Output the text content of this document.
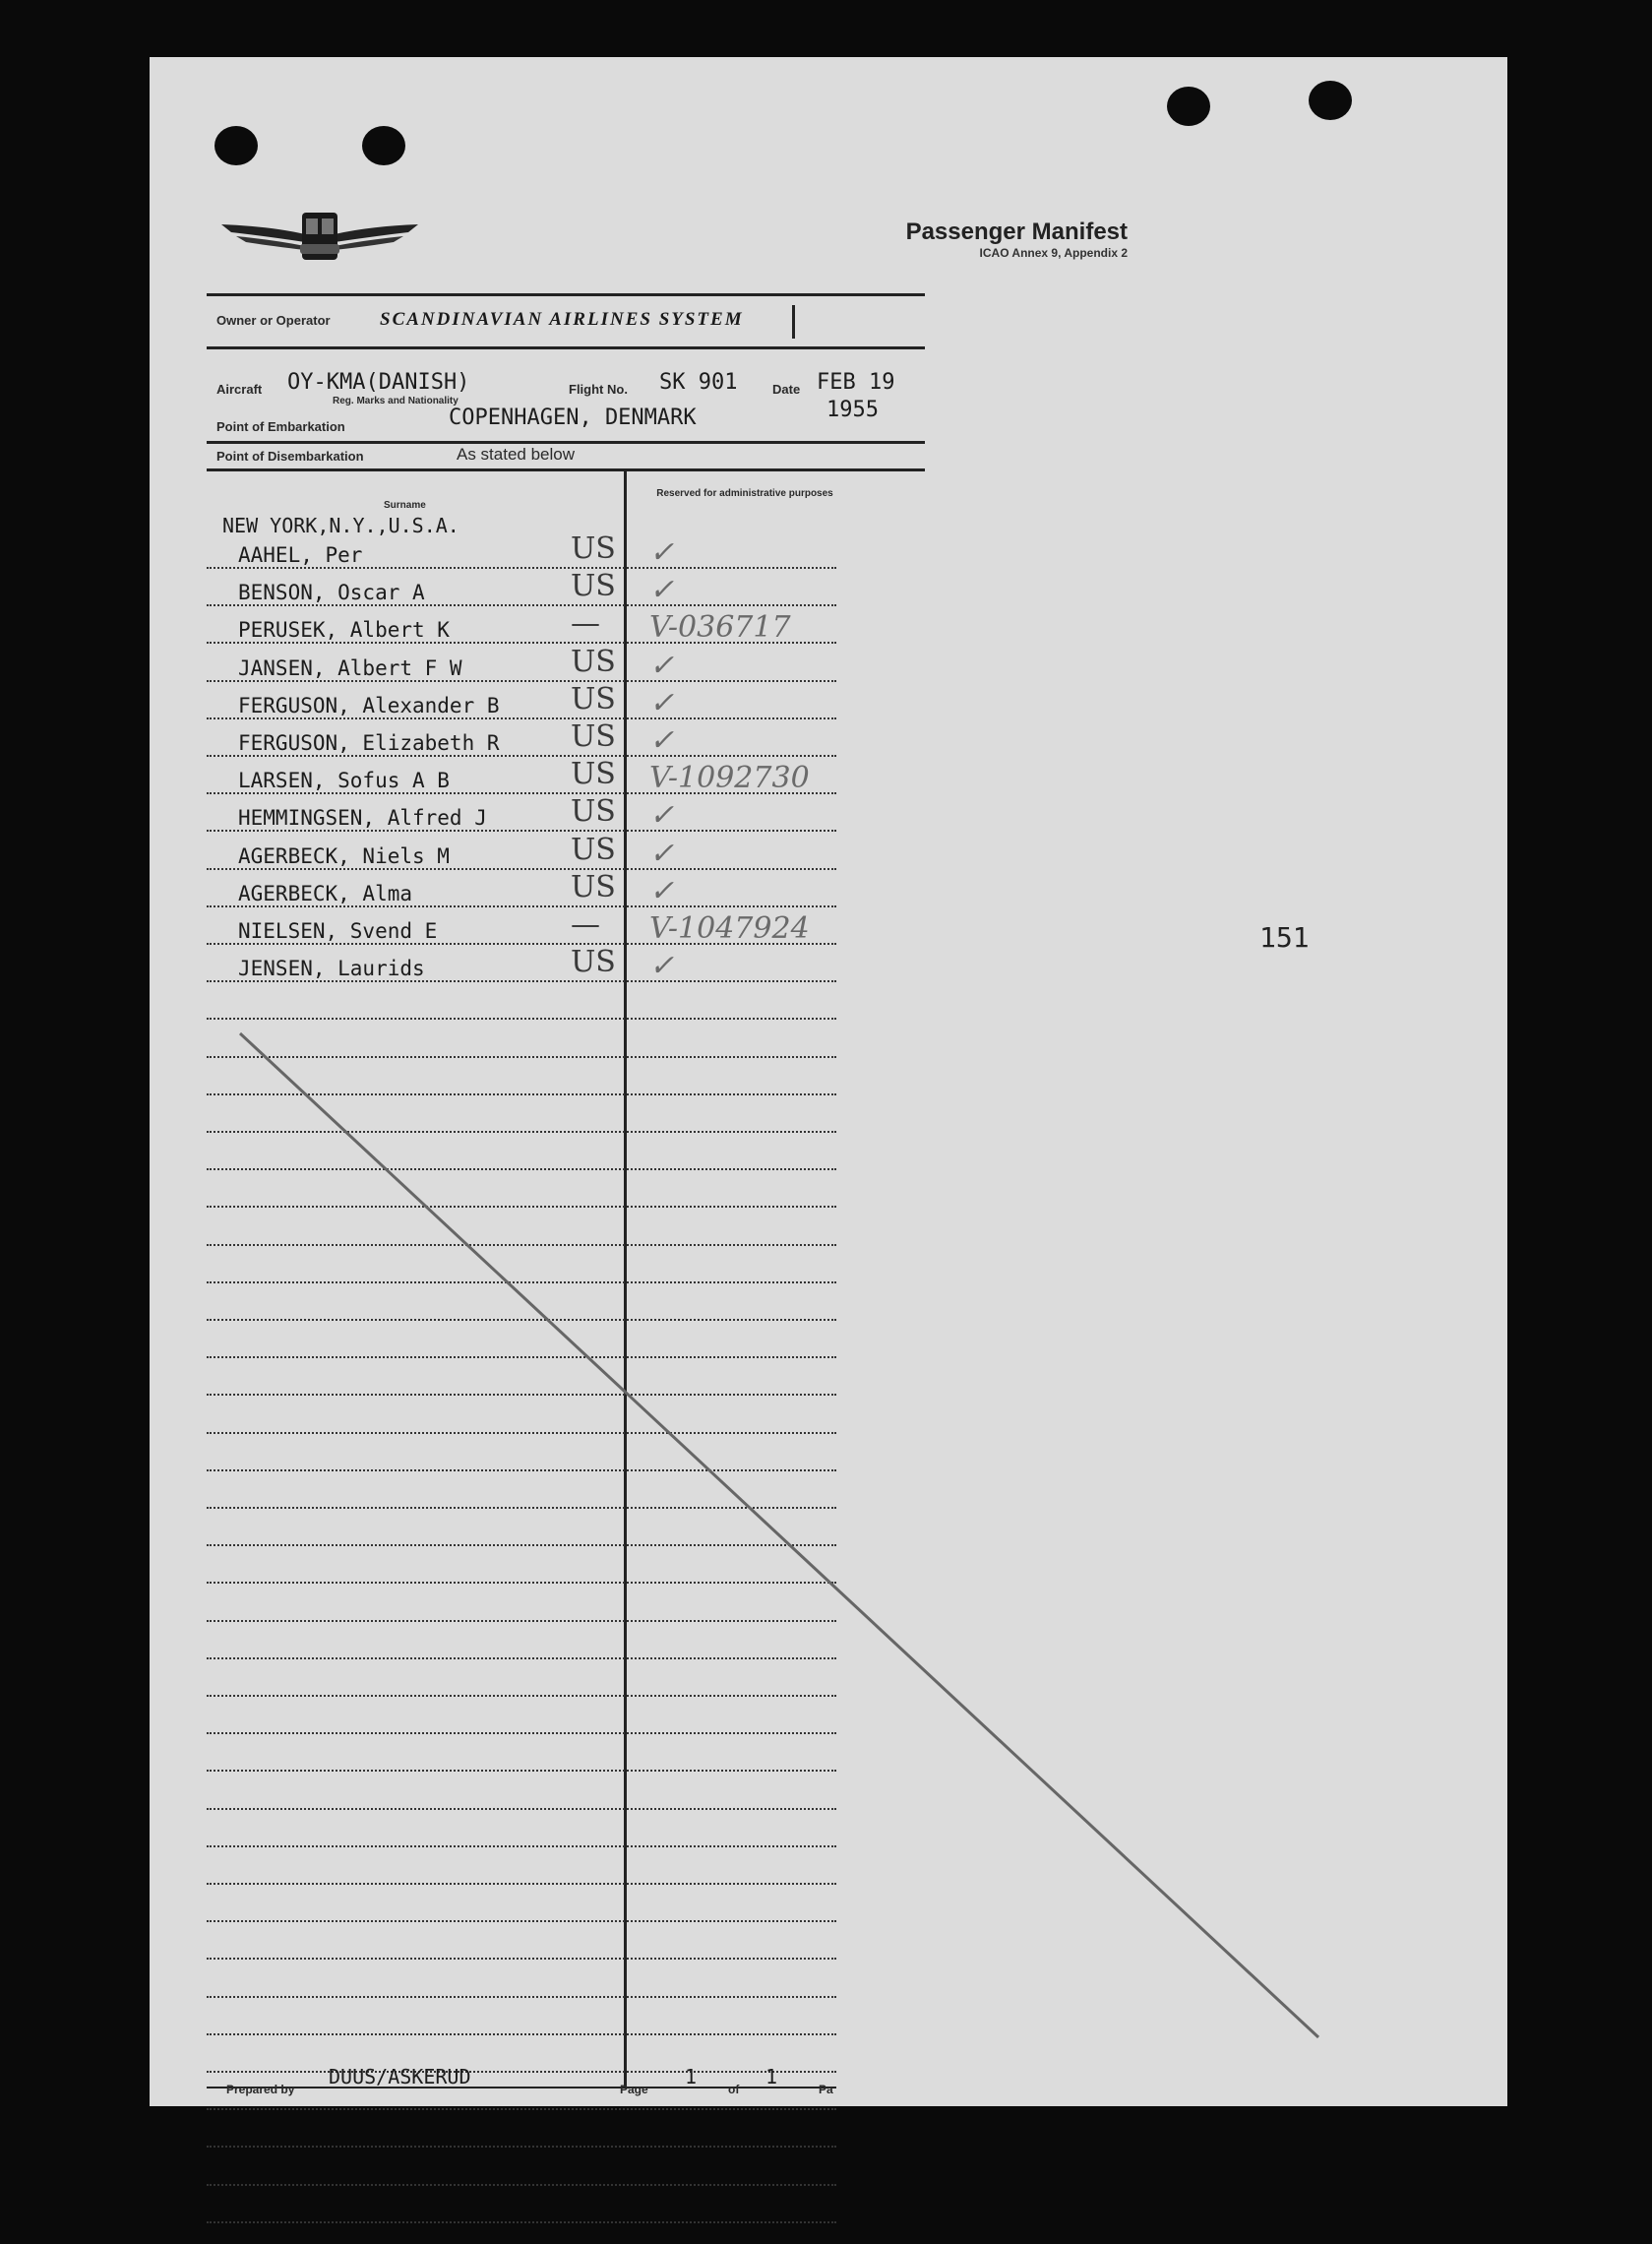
Passenger Manifest
ICAO Annex 9, Appendix 2
Owner or Operator	SCANDINAVIAN AIRLINES SYSTEM
Aircraft OY-KMA(DANISH)
Reg. Marks and Nationality
Flight No. SK 901	Date FEB 19
1955
Point of Embarkation	COPENHAGEN, DENMARK
Point of Disembarkation	As stated below
Surname
Reserved for administrative purposes
NEW YORK,N.Y.,U.S.A.
AAHEL, Per	US ✓
BENSON, Oscar A	US ✓
PERUSEK, Albert K	— V-036717
JANSEN, Albert F W	US ✓
FERGUSON, Alexander B US ✓
FERGUSON, Elizabeth R US ✓
LARSEN, Sofus A B	US V-1092730
HEMMINGSEN, Alfred J	US ✓
AGERBECK, Niels M	US ✓
AGERBECK, Alma	US ✓
NIELSEN, Svend E	— V-1047924
JENSEN, Laurids	US ✓
Prepared by
DUUS/ASKERUD
Page
1
of
1
Pa
151
